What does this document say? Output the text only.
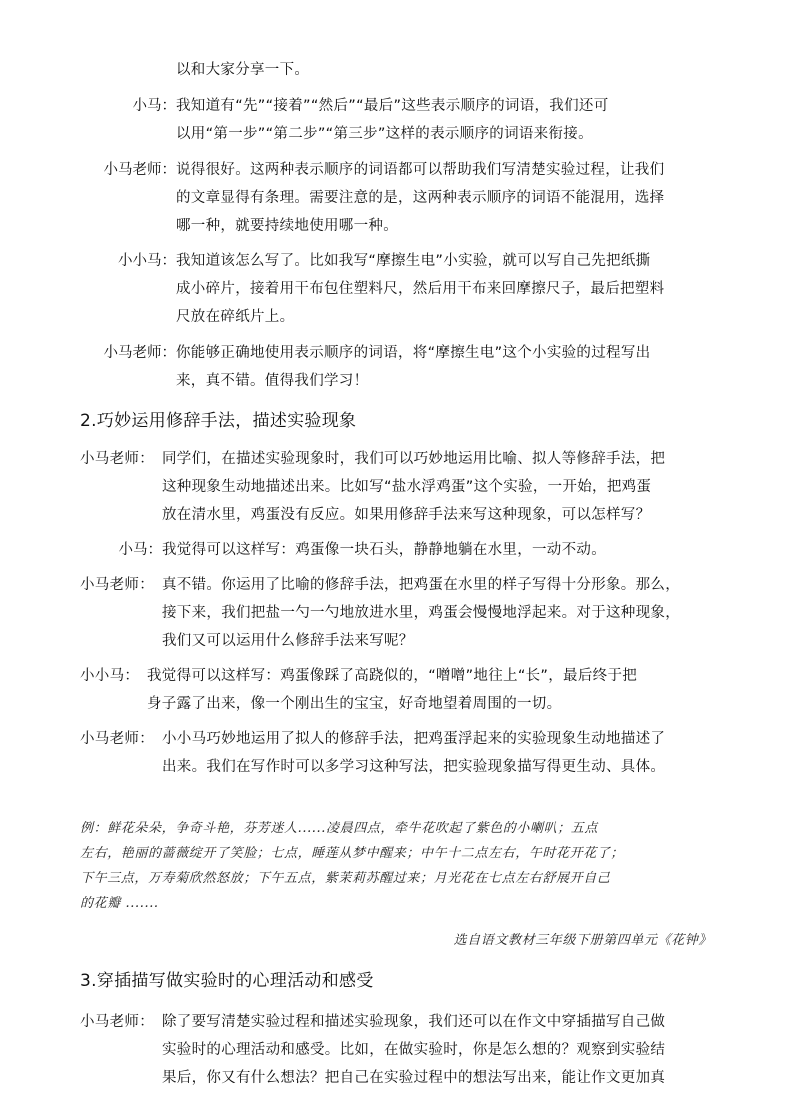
以和大家分享一下。
小马： 我知道有“先”“接着”“然后”“最后”这些表示顺序的词语，我们还可
以用“第一步”“第二步”“第三步”这样的表示顺序的词语来衔接。
小马老师： 说得很好。这两种表示顺序的词语都可以帮助我们写清楚实验过程，让我们
的文章显得有条理。需要注意的是，这两种表示顺序的词语不能混用，选择
哪一种，就要持续地使用哪一种。
小小马： 我知道该怎么写了。比如我写“摩擦生电”小实验，就可以写自己先把纸撕
成小碎片，接着用干布包住塑料尺，然后用干布来回摩擦尺子，最后把塑料
尺放在碎纸片上。
小马老师： 你能够正确地使用表示顺序的词语，将“摩擦生电”这个小实验的过程写出
来，真不错。值得我们学习！
2.巧妙运用修辞手法，描述实验现象
小马老师： 同学们，在描述实验现象时，我们可以巧妙地运用比喻、拟人等修辞手法，把
这种现象生动地描述出来。比如写“盐水浮鸡蛋”这个实验，一开始，把鸡蛋
放在清水里，鸡蛋没有反应。如果用修辞手法来写这种现象，可以怎样写？
小马： 我觉得可以这样写：鸡蛋像一块石头，静静地躺在水里，一动不动。
小马老师： 真不错。你运用了比喻的修辞手法，把鸡蛋在水里的样子写得十分形象。那么，
接下来，我们把盐一勺一勺地放进水里，鸡蛋会慢慢地浮起来。对于这种现象，
我们又可以运用什么修辞手法来写呢？
小小马： 我觉得可以这样写：鸡蛋像踩了高跷似的，“噌噌”地往上“长”，最后终于把
身子露了出来，像一个刚出生的宝宝，好奇地望着周围的一切。
小马老师： 小小马巧妙地运用了拟人的修辞手法，把鸡蛋浮起来的实验现象生动地描述了
出来。我们在写作时可以多学习这种写法，把实验现象描写得更生动、具体。
例：鲜花朵朵，争奇斗艳，芬芳迷人......凌晨四点，牵牛花吹起了紫色的小喇叭；五点
左右，艳丽的蔷薇绽开了笑脸；七点，睡莲从梦中醒来；中午十二点左右，午时花开花了；
下午三点，万寿菊欣然怒放；下午五点，紫茉莉苏醒过来；月光花在七点左右舒展开自己
的花瓣 .......
选自语文教材三年级下册第四单元《花钟》
3.穿插描写做实验时的心理活动和感受
小马老师： 除了要写清楚实验过程和描述实验现象，我们还可以在作文中穿插描写自己做
实验时的心理活动和感受。比如，在做实验时，你是怎么想的？观察到实验结
果后，你又有什么想法？把自己在实验过程中的想法写出来，能让作文更加真
